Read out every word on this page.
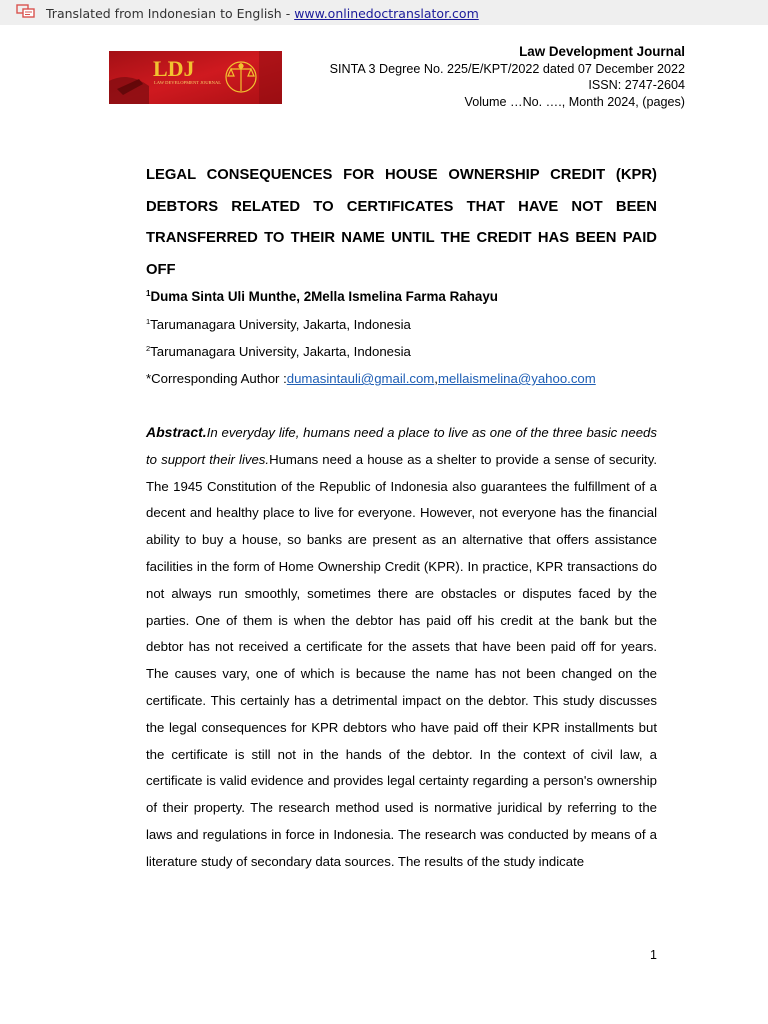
Translated from Indonesian to English - www.onlinedoctranslator.com
LDJ
LAW DEVELOPMENT JOURNAL
Law Development Journal
SINTA 3 Degree No. 225/E/KPT/2022 dated 07 December 2022
ISSN: 2747-2604
Volume …No. …., Month 2024, (pages)
LEGAL CONSEQUENCES FOR HOUSE OWNERSHIP CREDIT (KPR) DEBTORS RELATED TO CERTIFICATES THAT HAVE NOT BEEN TRANSFERRED TO THEIR NAME UNTIL THE CREDIT HAS BEEN PAID OFF
$^1$Duma Sinta Uli Munthe, 2Mella Ismelina Farma Rahayu
$^1$Tarumanagara University, Jakarta, Indonesia
$^2$Tarumanagara University, Jakarta, Indonesia
*Corresponding Author :dumasintauli@gmail.com,mellaismelina@yahoo.com
Abstract.In everyday life, humans need a place to live as one of the three basic needs to support their lives.Humans need a house as a shelter to provide a sense of security. The 1945 Constitution of the Republic of Indonesia also guarantees the fulfillment of a decent and healthy place to live for everyone. However, not everyone has the financial ability to buy a house, so banks are present as an alternative that offers assistance facilities in the form of Home Ownership Credit (KPR). In practice, KPR transactions do not always run smoothly, sometimes there are obstacles or disputes faced by the parties. One of them is when the debtor has paid off his credit at the bank but the debtor has not received a certificate for the assets that have been paid off for years. The causes vary, one of which is because the name has not been changed on the certificate. This certainly has a detrimental impact on the debtor. This study discusses the legal consequences for KPR debtors who have paid off their KPR installments but the certificate is still not in the hands of the debtor. In the context of civil law, a certificate is valid evidence and provides legal certainty regarding a person's ownership of their property. The research method used is normative juridical by referring to the laws and regulations in force in Indonesia. The research was conducted by means of a literature study of secondary data sources. The results of the study indicate
1
